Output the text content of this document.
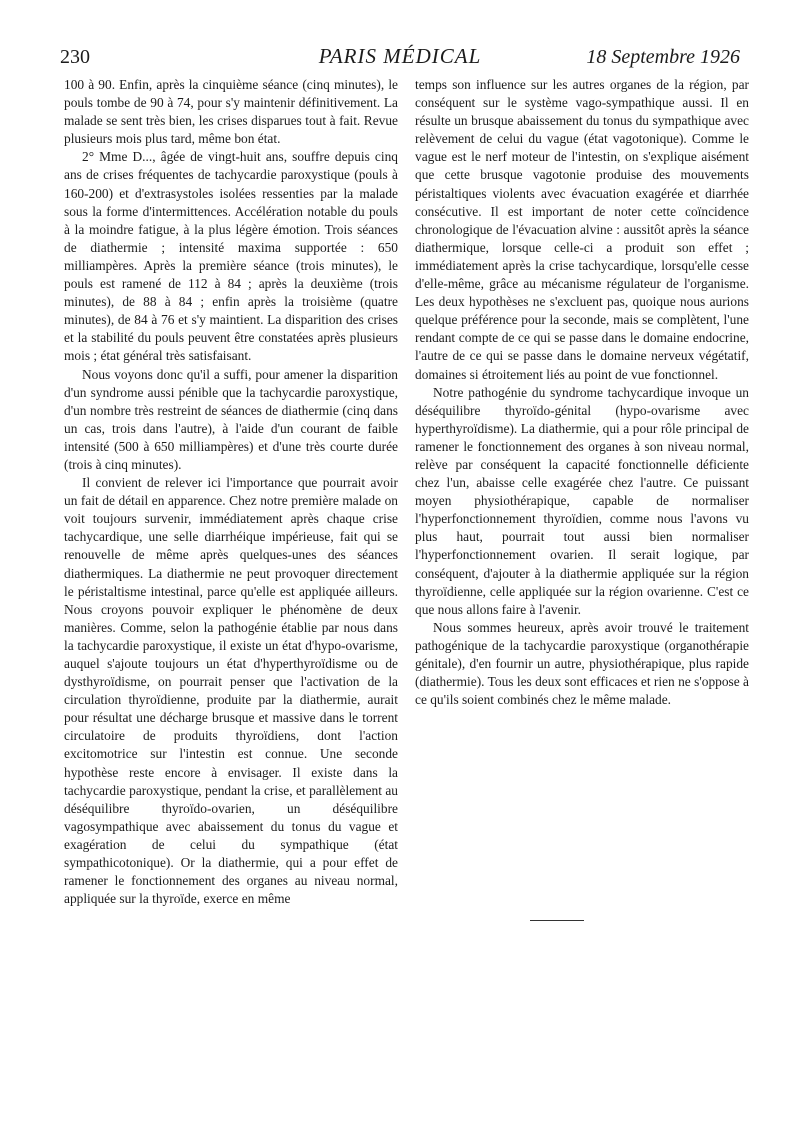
230	PARIS MÉDICAL	18 Septembre 1926

100 à 90. Enfin, après la cinquième séance (cinq minutes), le pouls tombe de 90 à 74, pour s'y maintenir définitivement. La malade se sent très bien, les crises disparues tout à fait. Revue plusieurs mois plus tard, même bon état.

2° Mme D..., âgée de vingt-huit ans, souffre depuis cinq ans de crises fréquentes de tachycardie paroxystique (pouls à 160-200) et d'extrasystoles isolées ressenties par la malade sous la forme d'intermittences. Accélération notable du pouls à la moindre fatigue, à la plus légère émotion. Trois séances de diathermie ; intensité maxima supportée : 650 milliampères. Après la première séance (trois minutes), le pouls est ramené de 112 à 84 ; après la deuxième (trois minutes), de 88 à 84 ; enfin après la troisième (quatre minutes), de 84 à 76 et s'y maintient. La disparition des crises et la stabilité du pouls peuvent être constatées après plusieurs mois ; état général très satisfaisant.

Nous voyons donc qu'il a suffi, pour amener la disparition d'un syndrome aussi pénible que la tachycardie paroxystique, d'un nombre très restreint de séances de diathermie (cinq dans un cas, trois dans l'autre), à l'aide d'un courant de faible intensité (500 à 650 milliampères) et d'une très courte durée (trois à cinq minutes).

Il convient de relever ici l'importance que pourrait avoir un fait de détail en apparence. Chez notre première malade on voit toujours survenir, immédiatement après chaque crise tachycardique, une selle diarrhéique impérieuse, fait qui se renouvelle de même après quelques-unes des séances diathermiques. La diathermie ne peut provoquer directement le péristaltisme intestinal, parce qu'elle est appliquée ailleurs. Nous croyons pouvoir expliquer le phénomène de deux manières. Comme, selon la pathogénie établie par nous dans la tachycardie paroxystique, il existe un état d'hypo-ovarisme, auquel s'ajoute toujours un état d'hyperthyroïdisme ou de dysthyroïdisme, on pourrait penser que l'activation de la circulation thyroïdienne, produite par la diathermie, aurait pour résultat une décharge brusque et massive dans le torrent circulatoire de produits thyroïdiens, dont l'action excitomotrice sur l'intestin est connue. Une seconde hypothèse reste encore à envisager. Il existe dans la tachycardie paroxystique, pendant la crise, et parallèlement au déséquilibre thyroïdo-ovarien, un déséquilibre vagosympathique avec abaissement du tonus du vague et exagération de celui du sympathique (état sympathicotonique). Or la diathermie, qui a pour effet de ramener le fonctionnement des organes au niveau normal, appliquée sur la thyroïde, exerce en même

temps son influence sur les autres organes de la région, par conséquent sur le système vago-sympathique aussi. Il en résulte un brusque abaissement du tonus du sympathique avec relèvement de celui du vague (état vagotonique). Comme le vague est le nerf moteur de l'intestin, on s'explique aisément que cette brusque vagotonie produise des mouvements péristaltiques violents avec évacuation exagérée et diarrhée consécutive. Il est important de noter cette coïncidence chronologique de l'évacuation alvine : aussitôt après la séance diathermique, lorsque celle-ci a produit son effet ; immédiatement après la crise tachycardique, lorsqu'elle cesse d'elle-même, grâce au mécanisme régulateur de l'organisme. Les deux hypothèses ne s'excluent pas, quoique nous aurions quelque préférence pour la seconde, mais se complètent, l'une rendant compte de ce qui se passe dans le domaine endocrine, l'autre de ce qui se passe dans le domaine nerveux végétatif, domaines si étroitement liés au point de vue fonctionnel.

Notre pathogénie du syndrome tachycardique invoque un déséquilibre thyroïdo-génital (hypo-ovarisme avec hyperthyroïdisme). La diathermie, qui a pour rôle principal de ramener le fonctionnement des organes à son niveau normal, relève par conséquent la capacité fonctionnelle déficiente chez l'un, abaisse celle exagérée chez l'autre. Ce puissant moyen physiothérapique, capable de normaliser l'hyperfonctionnement thyroïdien, comme nous l'avons vu plus haut, pourrait tout aussi bien normaliser l'hyperfonctionnement ovarien. Il serait logique, par conséquent, d'ajouter à la diathermie appliquée sur la région thyroïdienne, celle appliquée sur la région ovarienne. C'est ce que nous allons faire à l'avenir.

Nous sommes heureux, après avoir trouvé le traitement pathogénique de la tachycardie paroxystique (organothérapie génitale), d'en fournir un autre, physiothérapique, plus rapide (diathermie). Tous les deux sont efficaces et rien ne s'oppose à ce qu'ils soient combinés chez le même malade.
